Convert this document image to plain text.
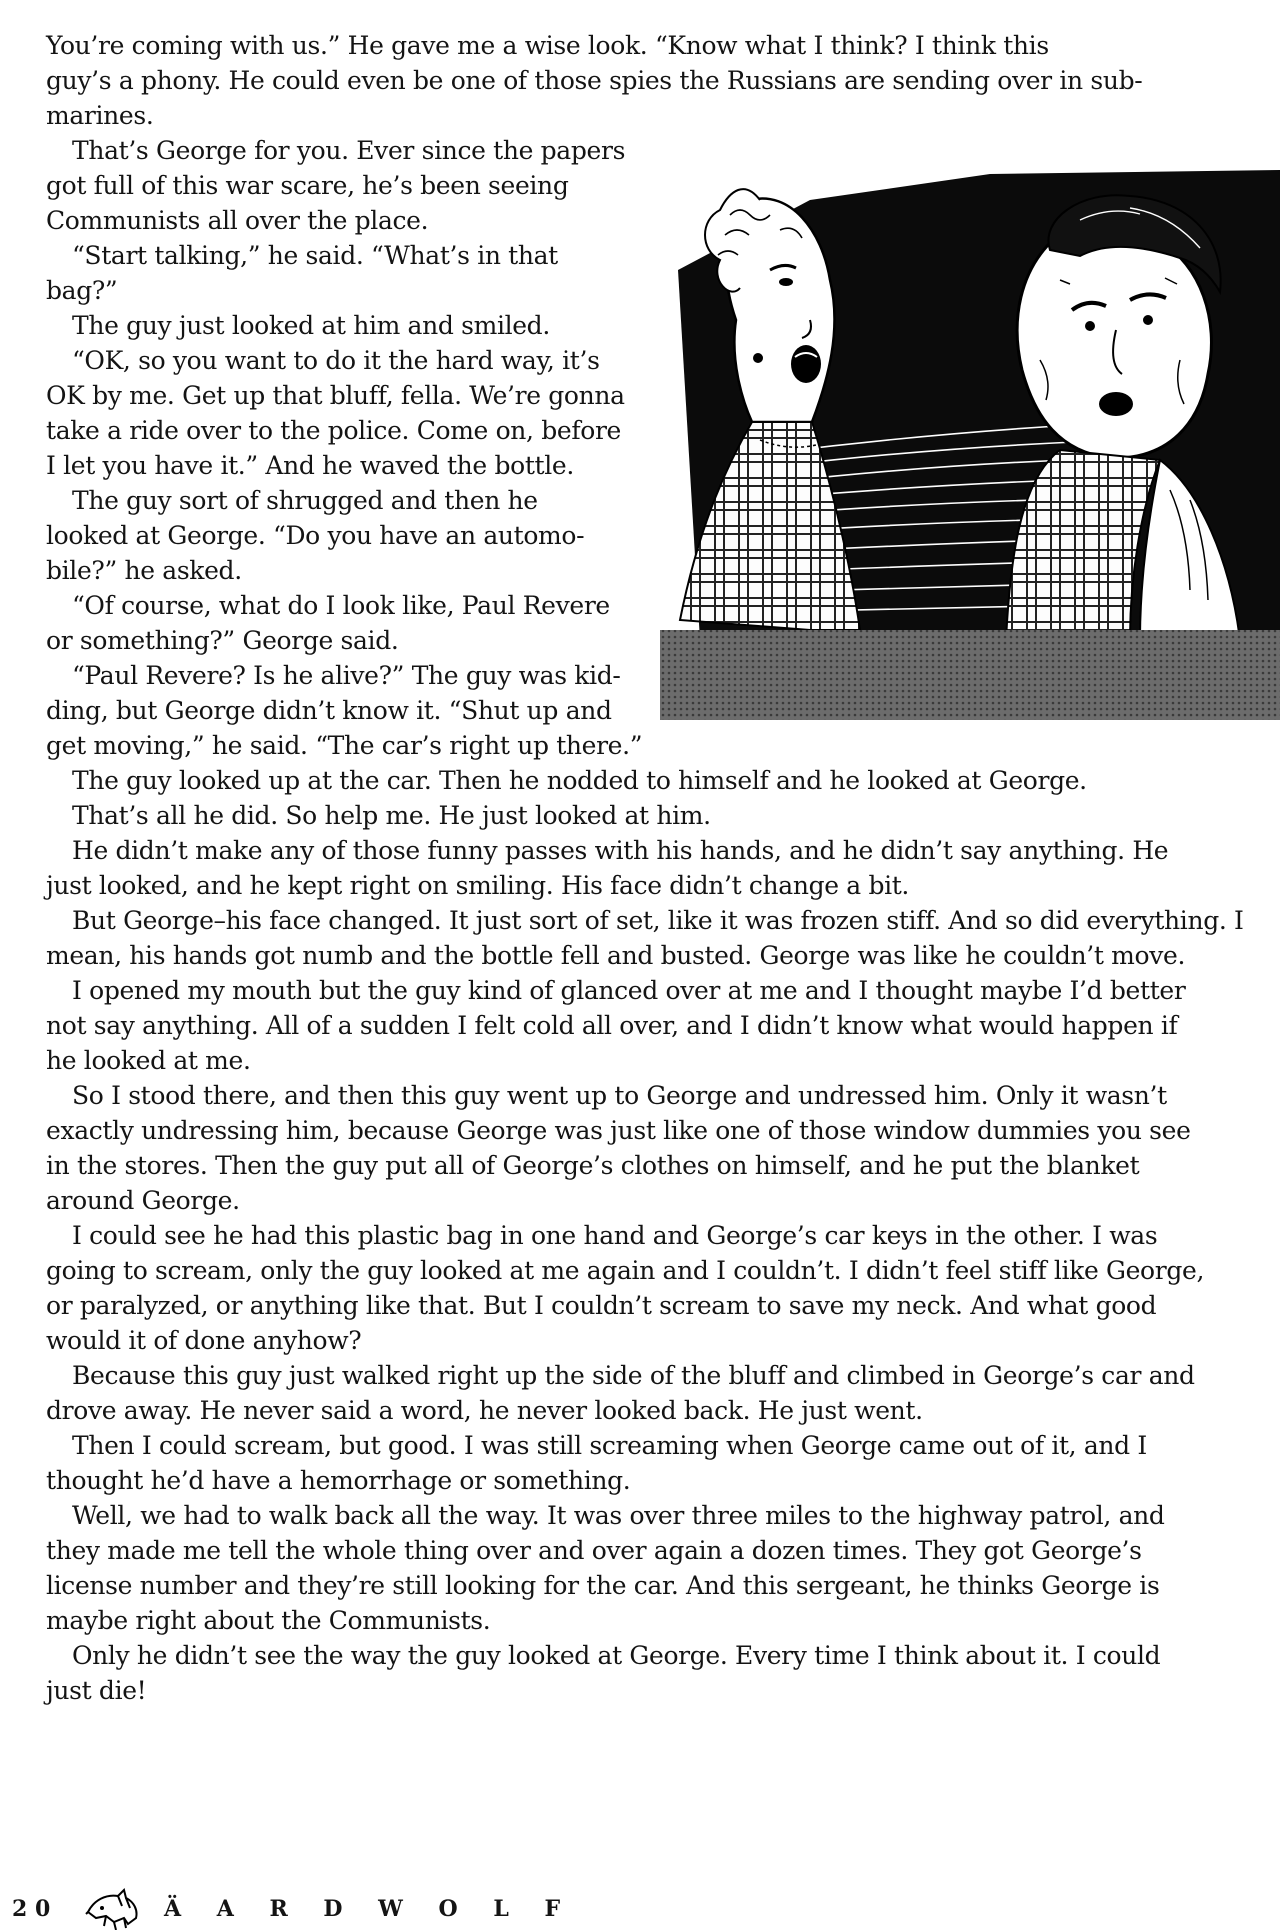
You’re coming with us.” He gave me a wise look. “Know what I think? I think this
guy’s a phony. He could even be one of those spies the Russians are sending over in sub-
marines.
That’s George for you. Ever since the papers
got full of this war scare, he’s been seeing
Communists all over the place.
“Start talking,” he said. “What’s in that
bag?”
The guy just looked at him and smiled.
“OK, so you want to do it the hard way, it’s
OK by me. Get up that bluff, fella. We’re gonna
take a ride over to the police. Come on, before
I let you have it.” And he waved the bottle.
The guy sort of shrugged and then he
looked at George. “Do you have an automo-
bile?” he asked.
“Of course, what do I look like, Paul Revere
or something?” George said.
“Paul Revere? Is he alive?” The guy was kid-
ding, but George didn’t know it. “Shut up and
get moving,” he said. “The car’s right up there.”
The guy looked up at the car. Then he nodded to himself and he looked at George.
That’s all he did. So help me. He just looked at him.
He didn’t make any of those funny passes with his hands, and he didn’t say anything. He
just looked, and he kept right on smiling. His face didn’t change a bit.
But George–his face changed. It just sort of set, like it was frozen stiff. And so did everything. I
mean, his hands got numb and the bottle fell and busted. George was like he couldn’t move.
I opened my mouth but the guy kind of glanced over at me and I thought maybe I’d better
not say anything. All of a sudden I felt cold all over, and I didn’t know what would happen if
he looked at me.
So I stood there, and then this guy went up to George and undressed him. Only it wasn’t
exactly undressing him, because George was just like one of those window dummies you see
in the stores. Then the guy put all of George’s clothes on himself, and he put the blanket
around George.
I could see he had this plastic bag in one hand and George’s car keys in the other. I was
going to scream, only the guy looked at me again and I couldn’t. I didn’t feel stiff like George,
or paralyzed, or anything like that. But I couldn’t scream to save my neck. And what good
would it of done anyhow?
Because this guy just walked right up the side of the bluff and climbed in George’s car and
drove away. He never said a word, he never looked back. He just went.
Then I could scream, but good. I was still screaming when George came out of it, and I
thought he’d have a hemorrhage or something.
Well, we had to walk back all the way. It was over three miles to the highway patrol, and
they made me tell the whole thing over and over again a dozen times. They got George’s
license number and they’re still looking for the car. And this sergeant, he thinks George is
maybe right about the Communists.
Only he didn’t see the way the guy looked at George. Every time I think about it. I could
just die!
2 0	Ä A R D W O L F
